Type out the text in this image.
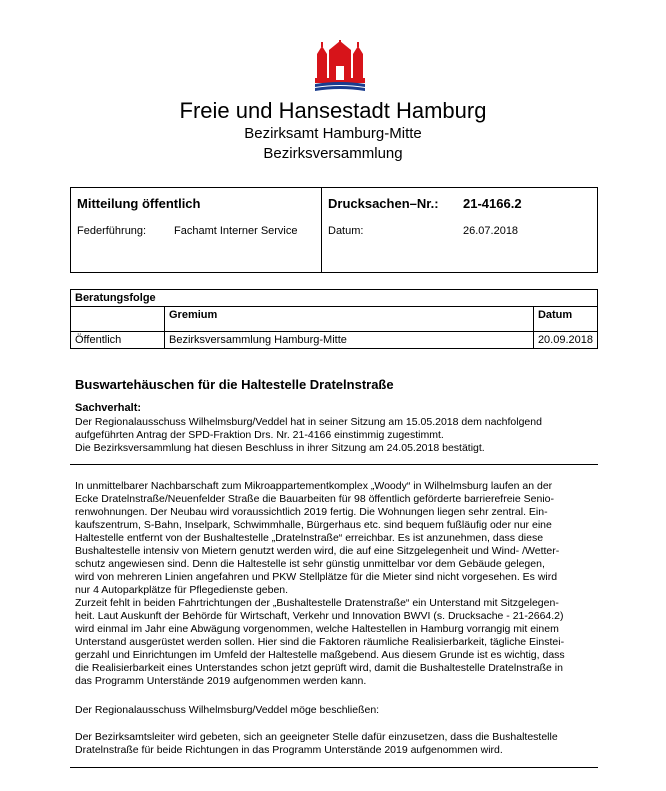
Freie und Hansestadt Hamburg
Bezirksamt Hamburg-Mitte
Bezirksversammlung
Mitteilung öffentlich	Drucksachen–Nr.: 21-4166.2
Federführung:	Fachamt Interner Service	Datum:	26.07.2018
Beratungsfolge		
	Gremium	Datum
Öffentlich	Bezirksversammlung Hamburg-Mitte	20.09.2018
Buswartehäuschen für die Haltestelle Dratelnstraße
Sachverhalt:
Der Regionalausschuss Wilhelmsburg/Veddel hat in seiner Sitzung am 15.05.2018 dem nachfolgend
aufgeführten Antrag der SPD-Fraktion Drs. Nr. 21-4166 einstimmig zugestimmt.
Die Bezirksversammlung hat diesen Beschluss in ihrer Sitzung am 24.05.2018 bestätigt.
In unmittelbarer Nachbarschaft zum Mikroappartementkomplex „Woody“ in Wilhelmsburg laufen an der
Ecke Dratelnstraße/Neuenfelder Straße die Bauarbeiten für 98 öffentlich geförderte barrierefreie Senio-
renwohnungen. Der Neubau wird voraussichtlich 2019 fertig. Die Wohnungen liegen sehr zentral. Ein-
kaufszentrum, S-Bahn, Inselpark, Schwimmhalle, Bürgerhaus etc. sind bequem fußläufig oder nur eine
Haltestelle entfernt von der Bushaltestelle „Dratelnstraße“ erreichbar. Es ist anzunehmen, dass diese
Bushaltestelle intensiv von Mietern genutzt werden wird, die auf eine Sitzgelegenheit und Wind- /Wetter-
schutz angewiesen sind. Denn die Haltestelle ist sehr günstig unmittelbar vor dem Gebäude gelegen,
wird von mehreren Linien angefahren und PKW Stellplätze für die Mieter sind nicht vorgesehen. Es wird
nur 4 Autoparkplätze für Pflegedienste geben.
Zurzeit fehlt in beiden Fahrtrichtungen der „Bushaltestelle Dratenstraße“ ein Unterstand mit Sitzgelegen-
heit. Laut Auskunft der Behörde für Wirtschaft, Verkehr und Innovation BWVI (s. Drucksache - 21-2664.2)
wird einmal im Jahr eine Abwägung vorgenommen, welche Haltestellen in Hamburg vorrangig mit einem
Unterstand ausgerüstet werden sollen. Hier sind die Faktoren räumliche Realisierbarkeit, tägliche Einstei-
gerzahl und Einrichtungen im Umfeld der Haltestelle maßgebend. Aus diesem Grunde ist es wichtig, dass
die Realisierbarkeit eines Unterstandes schon jetzt geprüft wird, damit die Bushaltestelle Dratelnstraße in
das Programm Unterstände 2019 aufgenommen werden kann.
Der Regionalausschuss Wilhelmsburg/Veddel möge beschließen:
Der Bezirksamtsleiter wird gebeten, sich an geeigneter Stelle dafür einzusetzen, dass die Bushaltestelle
Dratelnstraße für beide Richtungen in das Programm Unterstände 2019 aufgenommen wird.
